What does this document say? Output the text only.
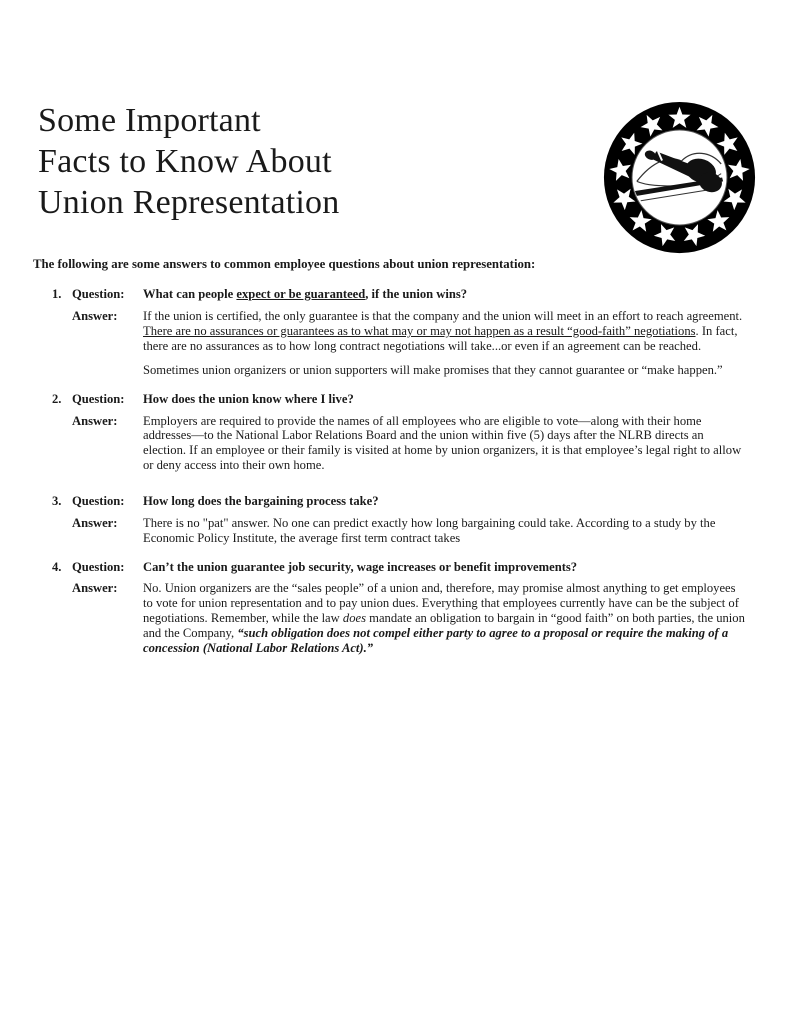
Some Important
Facts to Know About
Union Representation

The following are some answers to common employee questions about union representation:

1. Question:	What can people expect or be guaranteed, if the union wins?
Answer:	If the union is certified, the only guarantee is that the company and the union will meet in an effort to reach agreement. There are no assurances or guarantees as to what may or may not happen as a result “good-faith” negotiations. In fact, there are no assurances as to how long contract negotiations will take...or even if an agreement can be reached.

Sometimes union organizers or union supporters will make promises that they cannot guarantee or “make happen.”

2. Question:	How does the union know where I live?
Answer:	Employers are required to provide the names of all employees who are eligible to vote—along with their home addresses—to the National Labor Relations Board and the union within five (5) days after the NLRB directs an election. If an employee or their family is visited at home by union organizers, it is that employee’s legal right to allow or deny access into their own home.

3. Question:	How long does the bargaining process take?
Answer:	There is no "pat" answer. No one can predict exactly how long bargaining could take. According to a study by the Economic Policy Institute, the average first term contract takes

4. Question:	Can’t the union guarantee job security, wage increases or benefit improvements?
Answer:	No. Union organizers are the “sales people” of a union and, therefore, may promise almost anything to get employees to vote for union representation and to pay union dues. Everything that employees currently have can be the subject of negotiations. Remember, while the law does mandate an obligation to bargain in “good faith” on both parties, the union and the Company, “such obligation does not compel either party to agree to a proposal or require the making of a concession (National Labor Relations Act).”
